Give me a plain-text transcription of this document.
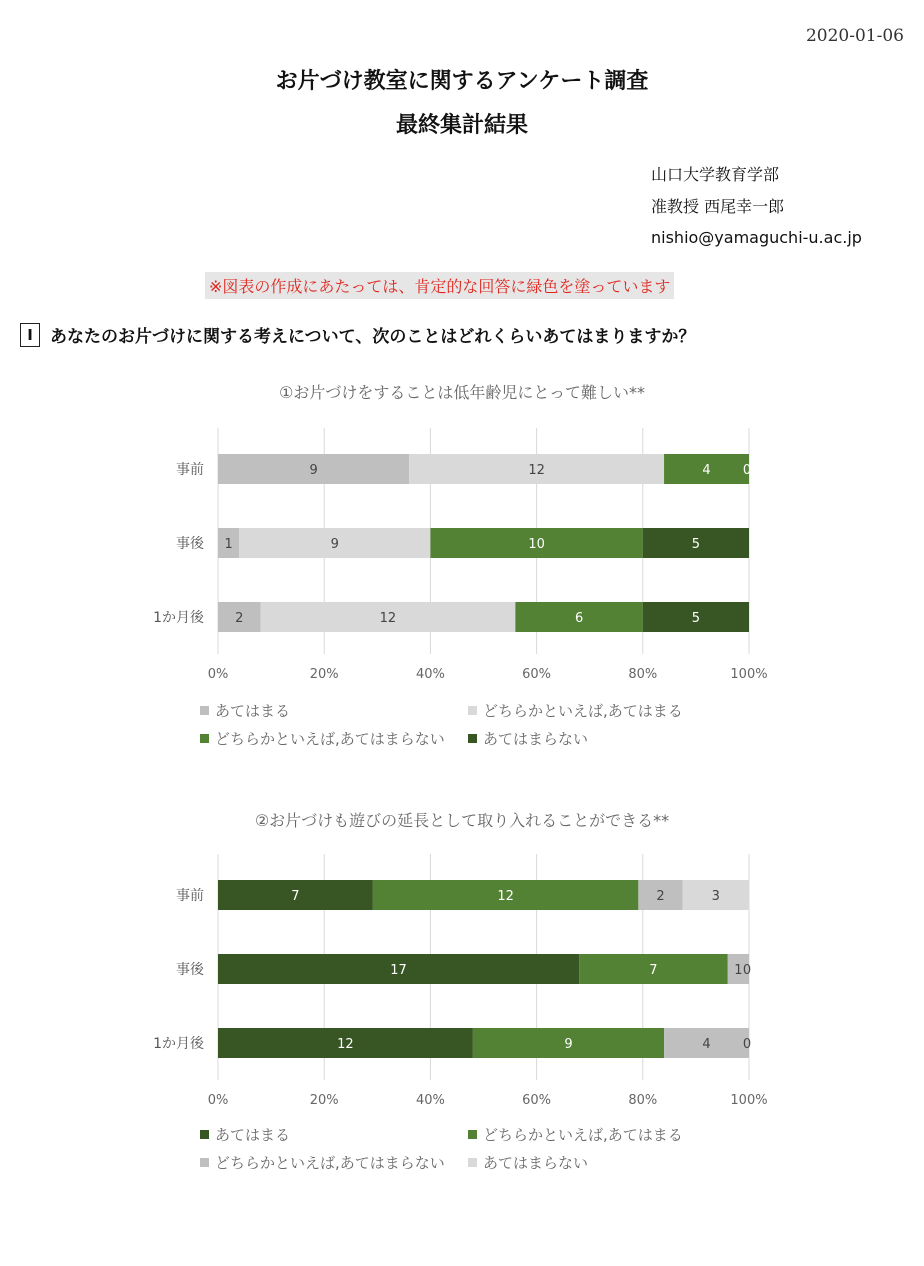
2020-01-06
お片づけ教室に関するアンケート調査
最終集計結果
山口大学教育学部
准教授 西尾幸一郎
nishio@yamaguchi-u.ac.jp
※図表の作成にあたっては、肯定的な回答に緑色を塗っています
Ⅰ	あなたのお片づけに関する考えについて、次のことはどれくらいあてはまりますか？
①お片づけをすることは低年齢児にとって難しい**
0%	20%	40%	60%	80%	100%
事前	9	12	4 0
事後 1	9	10	5
1か月後 2	12	6	5
あてはまる	どちらかといえば,あてはまる
どちらかといえば,あてはまらない	あてはまらない
②お片づけも遊びの延長として取り入れることができる**
0%	20%	40%	60%	80%	100%
事前	7	12	2	3
事後	17	7	1 0
1か月後	12	9	4 0
あてはまる	どちらかといえば,あてはまる
どちらかといえば,あてはまらない	あてはまらない
